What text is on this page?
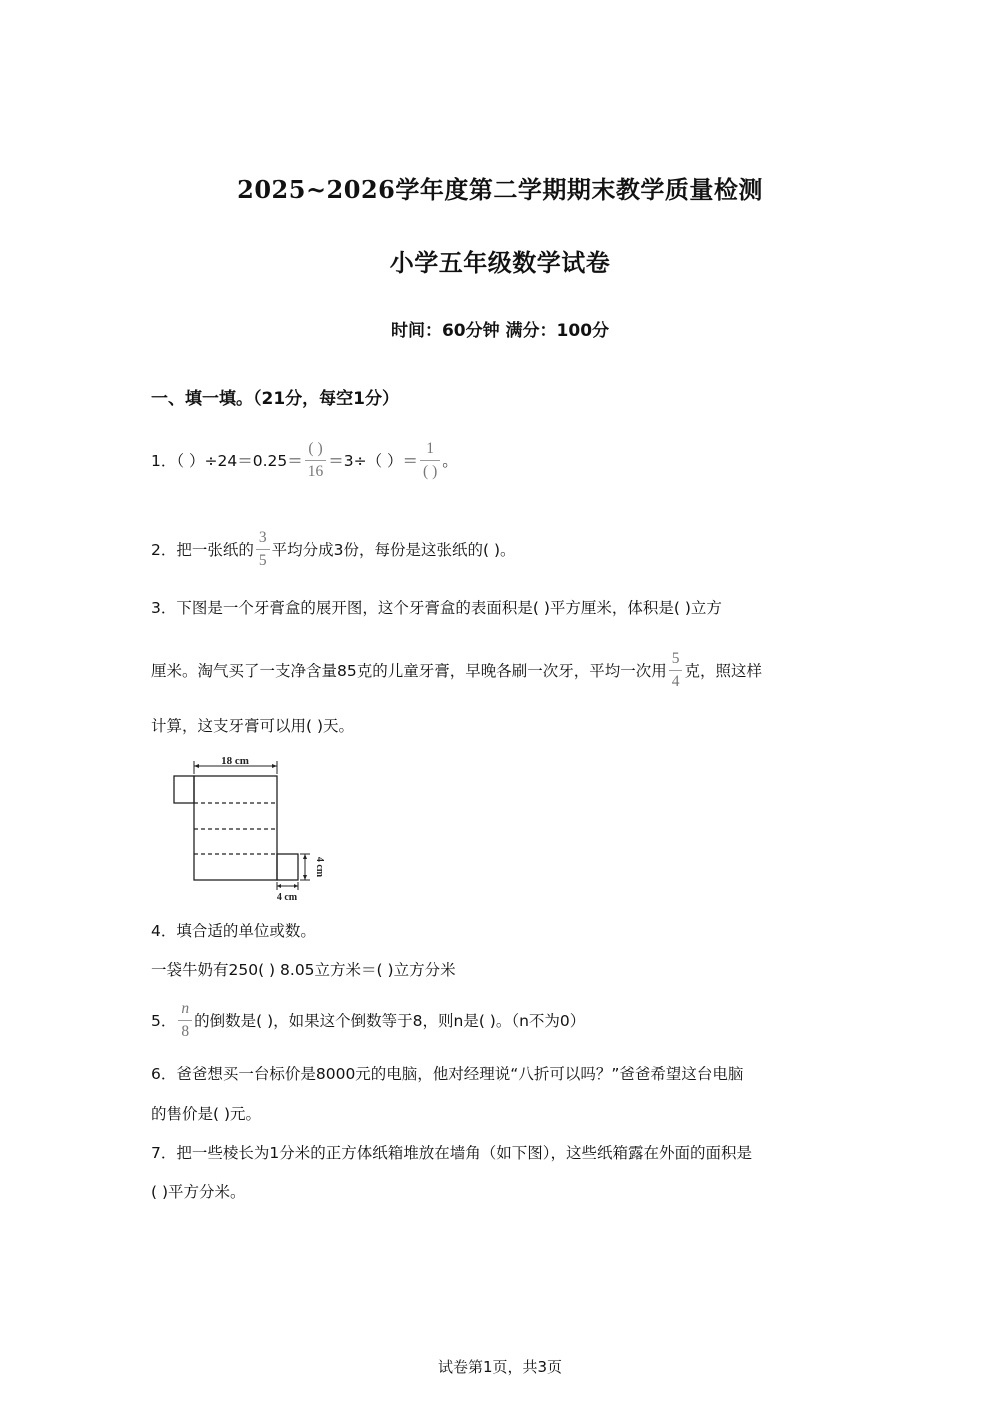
2025~2026学年度第二学期期末教学质量检测
小学五年级数学试卷
时间：60分钟 满分：100分
一、填一填。（21分，每空1分）
1．（ ）$\div 24=0.25= \frac{( )}{16} =3\div$（ ）＝ $\frac{1}{( )}$ 。
2．把一张纸的 $\frac{3}{5}$ 平均分成3份，每份是这张纸的( )。
3．下图是一个牙膏盒的展开图，这个牙膏盒的表面积是( )平方厘米，体积是( )立方
厘米。淘气买了一支净含量85克的儿童牙膏，早晚各刷一次牙，平均一次用 $\frac{5}{4}$ 克，照这样
计算，这支牙膏可以用( )天。
18 cm
4 cm
4 cm
4．填合适的单位或数。
一袋牛奶有250( ) 8.05立方米＝( )立方分米
5． $\frac{n}{8}$ 的倒数是( )，如果这个倒数等于8，则n是( )。（n不为0）
6．爸爸想买一台标价是8000元的电脑，他对经理说“八折可以吗？”爸爸希望这台电脑
的售价是( )元。
7．把一些棱长为1分米的正方体纸箱堆放在墙角（如下图），这些纸箱露在外面的面积是
( )平方分米。
试卷第1页，共3页
